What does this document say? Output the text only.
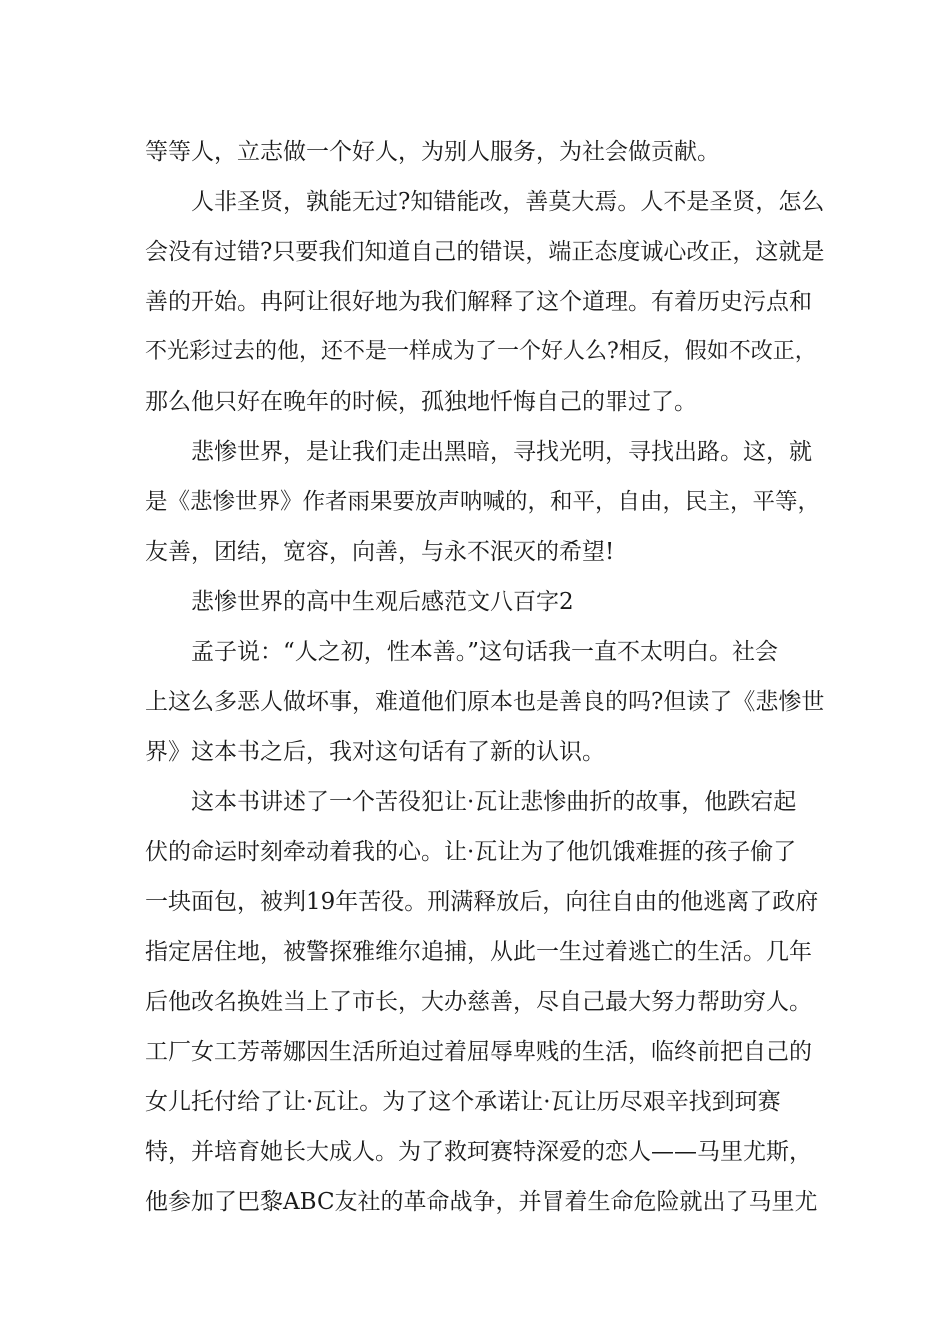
等等人，立志做一个好人，为别人服务，为社会做贡献。
人非圣贤，孰能无过?知错能改，善莫大焉。人不是圣贤，怎么
会没有过错?只要我们知道自己的错误，端正态度诚心改正，这就是
善的开始。冉阿让很好地为我们解释了这个道理。有着历史污点和
不光彩过去的他，还不是一样成为了一个好人么?相反，假如不改正，
那么他只好在晚年的时候，孤独地忏悔自己的罪过了。
悲惨世界，是让我们走出黑暗，寻找光明，寻找出路。这，就
是《悲惨世界》作者雨果要放声呐喊的，和平，自由，民主，平等，
友善，团结，宽容，向善，与永不泯灭的希望!
悲惨世界的高中生观后感范文八百字2
孟子说：“人之初，性本善。”这句话我一直不太明白。社会
上这么多恶人做坏事，难道他们原本也是善良的吗?但读了《悲惨世
界》这本书之后，我对这句话有了新的认识。
这本书讲述了一个苦役犯让·瓦让悲惨曲折的故事，他跌宕起
伏的命运时刻牵动着我的心。让·瓦让为了他饥饿难捱的孩子偷了
一块面包，被判19年苦役。刑满释放后，向往自由的他逃离了政府
指定居住地，被警探雅维尔追捕，从此一生过着逃亡的生活。几年
后他改名换姓当上了市长，大办慈善，尽自己最大努力帮助穷人。
工厂女工芳蒂娜因生活所迫过着屈辱卑贱的生活，临终前把自己的
女儿托付给了让·瓦让。为了这个承诺让·瓦让历尽艰辛找到珂赛
特，并培育她长大成人。为了救珂赛特深爱的恋人——马里尤斯，
他参加了巴黎ABC友社的革命战争，并冒着生命危险就出了马里尤
